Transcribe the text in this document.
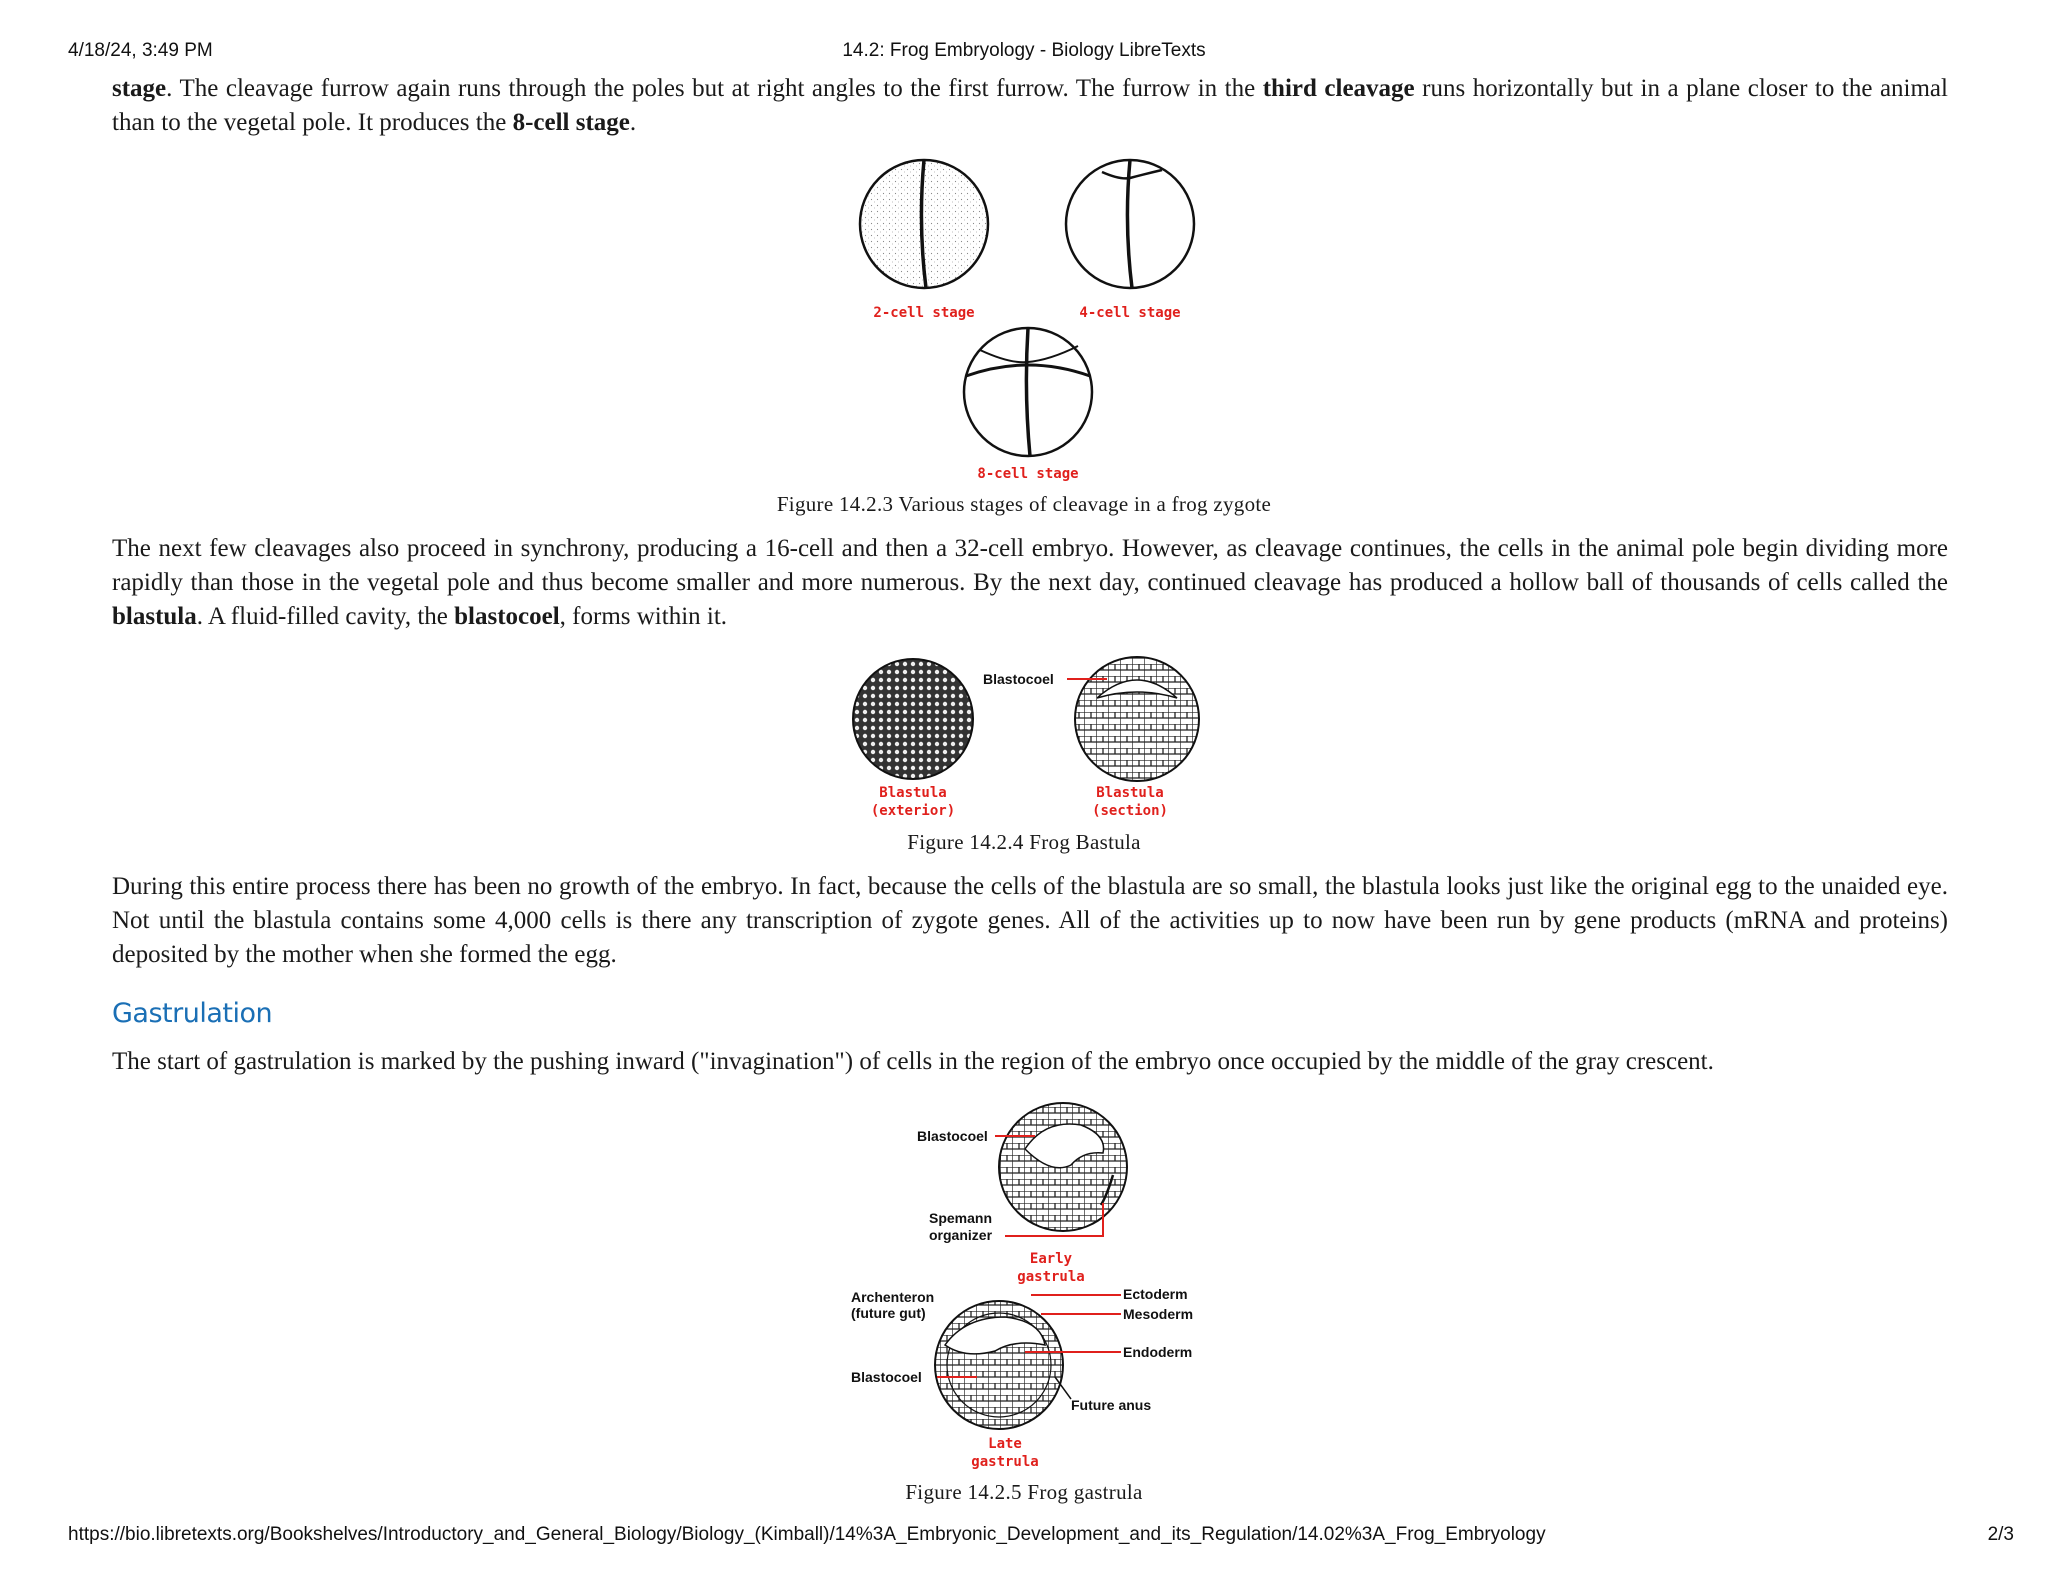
4/18/24, 3:49 PM	14.2: Frog Embryology - Biology LibreTexts

stage. The cleavage furrow again runs through the poles but at right angles to the first furrow. The furrow in the third cleavage runs horizontally but in a plane closer to the animal than to the vegetal pole. It produces the 8-cell stage.

2-cell stage	4-cell stage
8-cell stage
Figure 14.2.3 Various stages of cleavage in a frog zygote

The next few cleavages also proceed in synchrony, producing a 16-cell and then a 32-cell embryo. However, as cleavage continues, the cells in the animal pole begin dividing more rapidly than those in the vegetal pole and thus become smaller and more numerous. By the next day, continued cleavage has produced a hollow ball of thousands of cells called the blastula. A fluid-filled cavity, the blastocoel, forms within it.

Blastocoel
Blastula
(exterior)
Blastula
(section)
Figure 14.2.4 Frog Bastula

During this entire process there has been no growth of the embryo. In fact, because the cells of the blastula are so small, the blastula looks just like the original egg to the unaided eye. Not until the blastula contains some 4,000 cells is there any transcription of zygote genes. All of the activities up to now have been run by gene products (mRNA and proteins) deposited by the mother when she formed the egg.

Gastrulation

The start of gastrulation is marked by the pushing inward ("invagination") of cells in the region of the embryo once occupied by the middle of the gray crescent.

Blastocoel
Spemann
organizer
Early
gastrula
Archenteron
(future gut)
Blastocoel
Ectoderm
Mesoderm
Endoderm
Future anus
Late
gastrula
Figure 14.2.5 Frog gastrula
https://bio.libretexts.org/Bookshelves/Introductory_and_General_Biology/Biology_(Kimball)/14%3A_Embryonic_Development_and_its_Regulation/14.02%3A_Frog_Embryology	2/3
